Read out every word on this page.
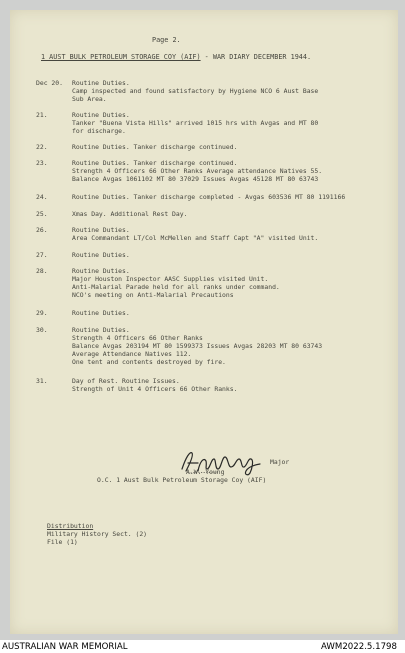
Page 2.
1 AUST BULK PETROLEUM STORAGE COY (AIF) - WAR DIARY DECEMBER 1944.
Dec 20. Routine Duties.
Camp inspected and found satisfactory by Hygiene NCO 6 Aust Base
Sub Area.
21.	Routine Duties.
Tanker "Buena Vista Hills" arrived 1015 hrs with Avgas and MT 80
for discharge.
22.	Routine Duties. Tanker discharge continued.
23.	Routine Duties. Tanker discharge continued.
Strength 4 Officers 66 Other Ranks Average attendance Natives 55.
Balance Avgas 1061102 MT 80 37029 Issues Avgas 45128 MT 80 63743
24.	Routine Duties. Tanker discharge completed - Avgas 603536 MT 80 1191166
25.	Xmas Day. Additional Rest Day.
26.	Routine Duties.
Area Commandant LT/Col McMellen and Staff Capt "A" visited Unit.
27.	Routine Duties.
28.	Routine Duties.
Major Houston Inspector AASC Supplies visited Unit.
Anti-Malarial Parade held for all ranks under command.
NCO's meeting on Anti-Malarial Precautions
29.	Routine Duties.
30.	Routine Duties.
Strength 4 Officers 66 Other Ranks
Balance Avgas 203194 MT 80 1599373 Issues Avgas 28203 MT 80 63743
Average Attendance Natives 112.
One tent and contents destroyed by fire.
31.	Day of Rest. Routine Issues.
Strength of Unit 4 Officers 66 Other Ranks.
Major
A.W. Young
O.C. 1 Aust Bulk Petroleum Storage Coy (AIF)
Distribution
Military History Sect. (2)
File (1)
AUSTRALIAN WAR MEMORIAL	AWM2022.5.1798
